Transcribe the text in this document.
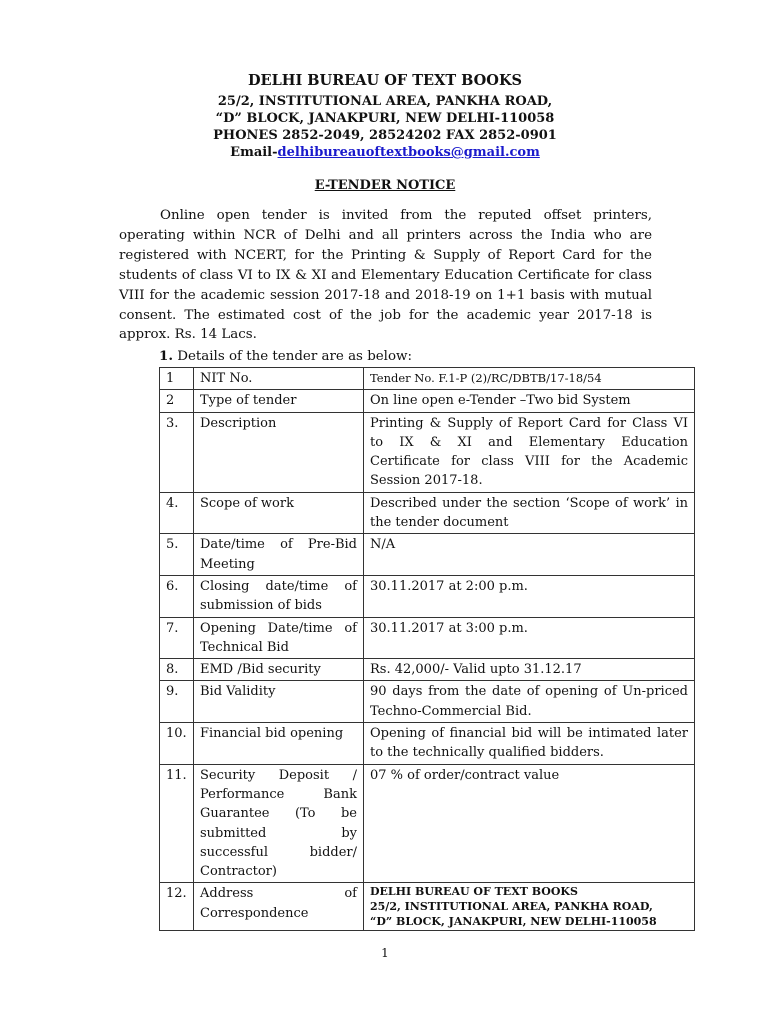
DELHI BUREAU OF TEXT BOOKS
25/2, INSTITUTIONAL AREA, PANKHA ROAD,
“D” BLOCK, JANAKPURI, NEW DELHI-110058
PHONES 2852-2049, 28524202 FAX 2852-0901
Email-delhibureauoftextbooks@gmail.com
E-TENDER NOTICE
Online open tender is invited from the reputed offset printers, operating within NCR of Delhi and all printers across the India who are registered with NCERT, for the Printing & Supply of Report Card for the students of class VI to IX & XI and Elementary Education Certificate for class VIII for the academic session 2017-18 and 2018-19 on 1+1 basis with mutual consent. The estimated cost of the job for the academic year 2017-18 is approx. Rs. 14 Lacs.
1. Details of the tender are as below:
1	NIT No.	Tender No. F.1-P (2)/RC/DBTB/17-18/54
2	Type of tender	On line open e-Tender –Two bid System
3.	Description	Printing & Supply of Report Card for Class VI to IX & XI and Elementary Education Certificate for class VIII for the Academic Session 2017-18.
4.	Scope of work	Described under the section ‘Scope of work’ in the tender document
5.	Date/time of Pre-Bid Meeting	N/A
6.	Closing date/time of submission of bids	30.11.2017 at 2:00 p.m.
7.	Opening Date/time of Technical Bid	30.11.2017 at 3:00 p.m.
8.	EMD /Bid security	Rs. 42,000/- Valid upto 31.12.17
9.	Bid Validity	90 days from the date of opening of Un-priced Techno-Commercial Bid.
10.	Financial bid opening	Opening of financial bid will be intimated later to the technically qualified bidders.
11.	Security Deposit / Performance Bank Guarantee (To be submitted by successful bidder/ Contractor)	07 % of order/contract value
12.	Address of Correspondence	DELHI BUREAU OF TEXT BOOKS
25/2, INSTITUTIONAL AREA, PANKHA ROAD,
“D” BLOCK, JANAKPURI, NEW DELHI-110058
1
